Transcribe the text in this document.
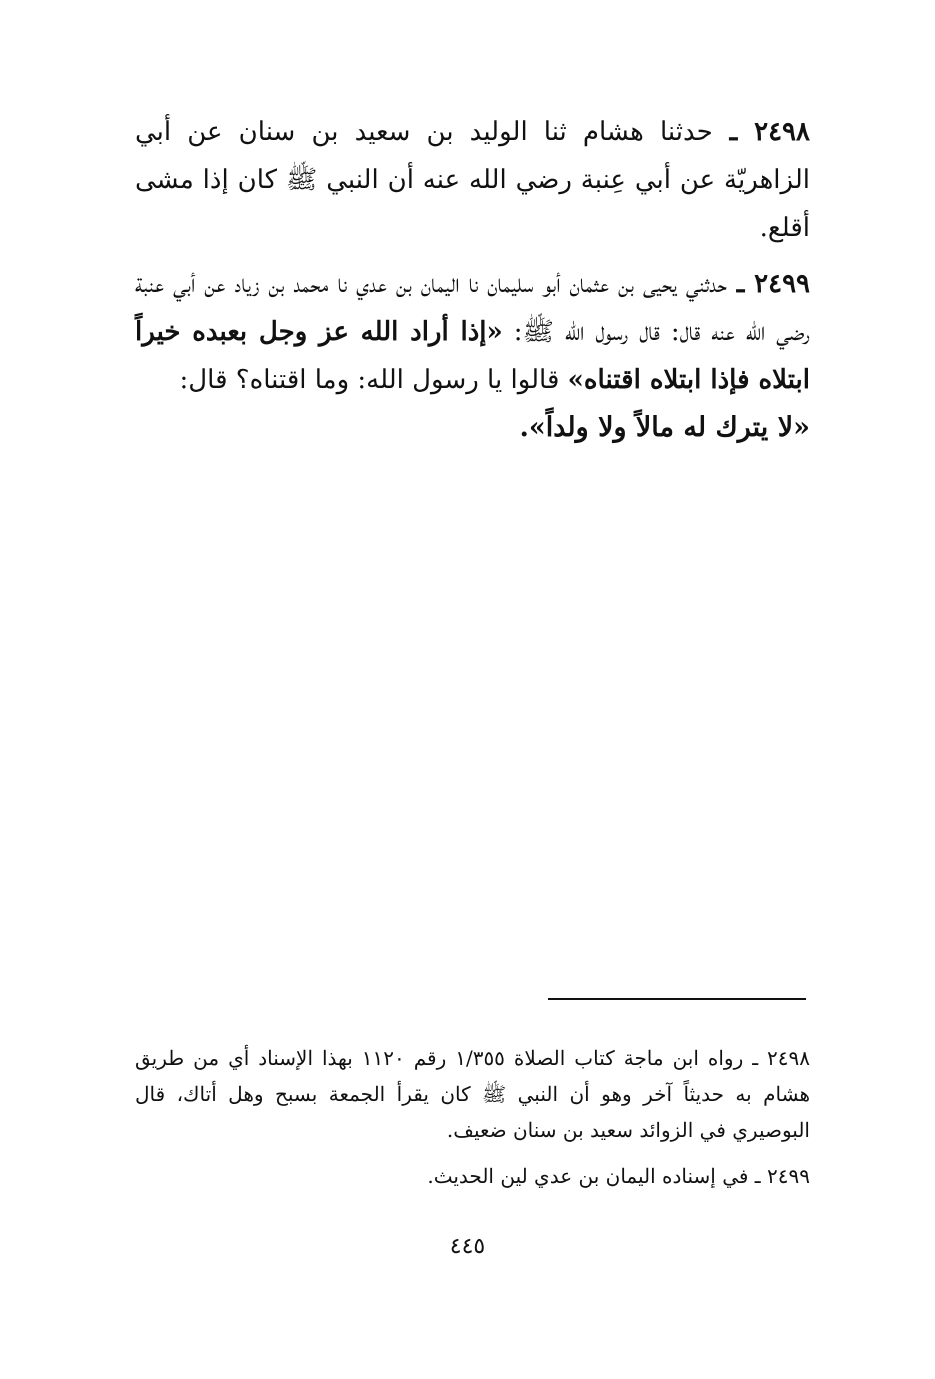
٢٤٩٨ ـ حدثنا هشام ثنا الوليد بن سعيد بن سنان عن أبي الزاهريّة عن أبي عِنبة رضي الله عنه أن النبي ﷺ كان إذا مشى أقلع.

٢٤٩٩ ـ حدثني يحيى بن عثمان أبو سليمان نا اليمان بن عدي نا محمد بن زياد عن أبي عنبة رضي الله عنه قال: قال رسول الله ﷺ: «إذا أراد الله عز وجل بعبده خيراً ابتلاه فإذا ابتلاه اقتناه» قالوا يا رسول الله: وما اقتناه؟ قال:
«لا يترك له مالاً ولا ولداً».

٢٤٩٨ ـ رواه ابن ماجة كتاب الصلاة ١/٣٥٥ رقم ١١٢٠ بهذا الإسناد أي من طريق هشام به حديثاً آخر وهو أن النبي ﷺ كان يقرأ الجمعة بسبح وهل أتاك، قال البوصيري في الزوائد سعيد بن سنان ضعيف.

٢٤٩٩ ـ في إسناده اليمان بن عدي لين الحديث.

٤٤٥
